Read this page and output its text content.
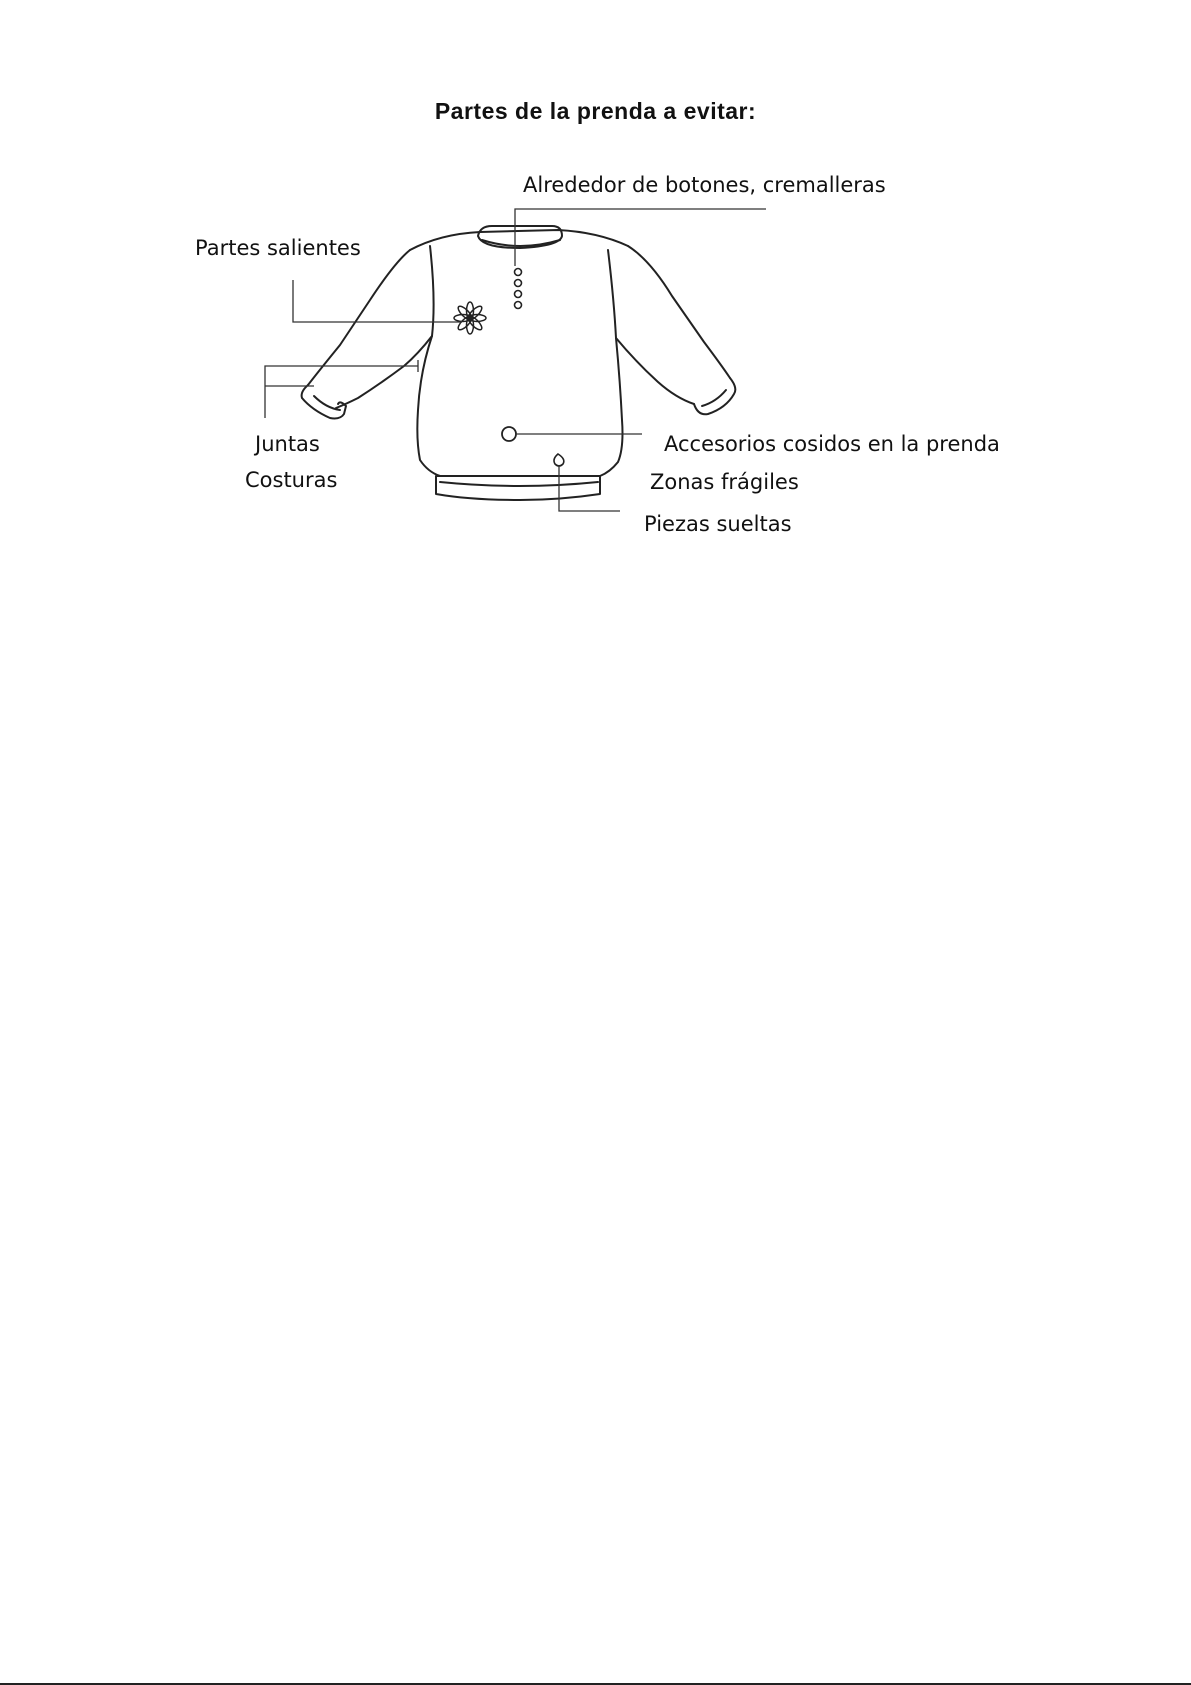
Partes de la prenda a evitar:
Alrededor de botones, cremalleras
Partes salientes
Juntas
Costuras
Accesorios cosidos en la prenda
Zonas frágiles
Piezas sueltas
